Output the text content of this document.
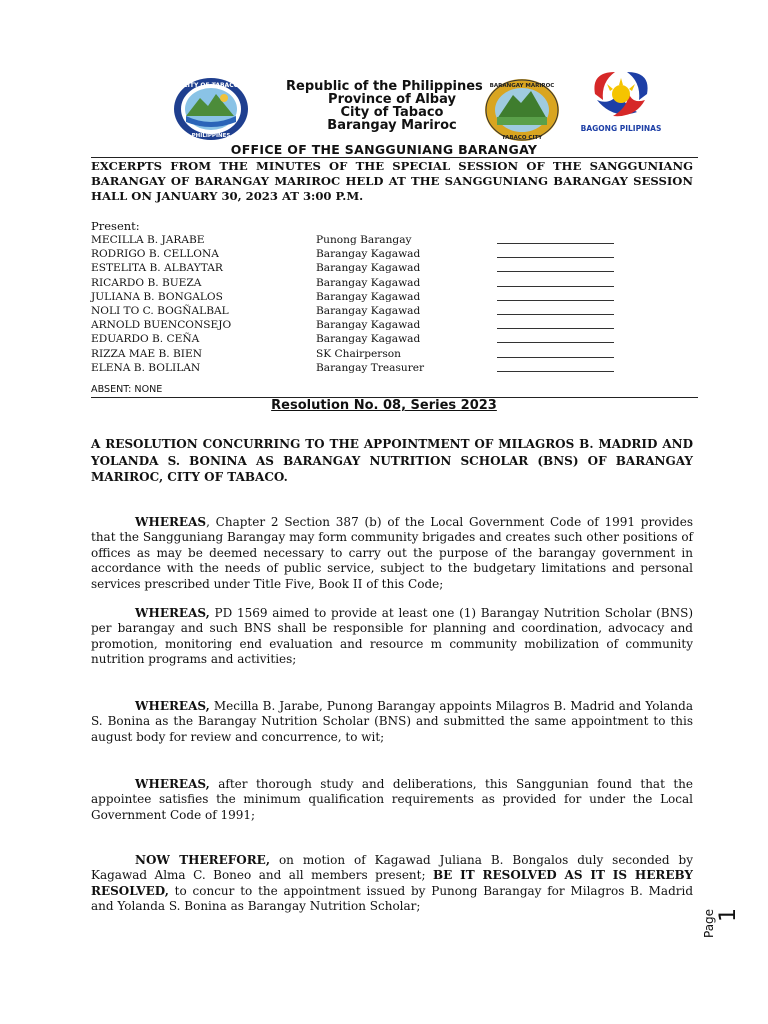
CITY OF TABACO
PHILIPPINES
Republic of the Philippines
Province of Albay
City of Tabaco
Barangay Mariroc
BARANGAY MARIROC
TABACO CITY
BAGONG PILIPINAS
OFFICE OF THE SANGGUNIANG BARANGAY

EXCERPTS FROM THE MINUTES OF THE SPECIAL SESSION OF THE SANGGUNIANG BARANGAY OF BARANGAY MARIROC HELD AT THE SANGGUNIANG BARANGAY SESSION HALL ON JANUARY 30, 2023 AT 3:00 P.M.

Present:
MECILLA B. JARABE	Punong Barangay
RODRIGO B. CELLONA	Barangay Kagawad
ESTELITA B. ALBAYTAR	Barangay Kagawad
RICARDO B. BUEZA	Barangay Kagawad
JULIANA B. BONGALOS	Barangay Kagawad
NOLI TO C. BOGÑALBAL	Barangay Kagawad
ARNOLD BUENCONSEJO	Barangay Kagawad
EDUARDO B. CEÑA	Barangay Kagawad
RIZZA MAE B. BIEN	SK Chairperson
ELENA B. BOLILAN	Barangay Treasurer
ABSENT: NONE
Resolution No. 08, Series 2023

A RESOLUTION CONCURRING TO THE APPOINTMENT OF MILAGROS B. MADRID AND YOLANDA S. BONINA AS BARANGAY NUTRITION SCHOLAR (BNS) OF BARANGAY MARIROC, CITY OF TABACO.

WHEREAS, Chapter 2 Section 387 (b) of the Local Government Code of 1991 provides that the Sangguniang Barangay may form community brigades and creates such other positions of offices as may be deemed necessary to carry out the purpose of the barangay government in accordance with the needs of public service, subject to the budgetary limitations and personal services prescribed under Title Five, Book II of this Code;

WHEREAS, PD 1569 aimed to provide at least one (1) Barangay Nutrition Scholar (BNS) per barangay and such BNS shall be responsible for planning and coordination, advocacy and promotion, monitoring end evaluation and resource m community mobilization of community nutrition programs and activities;

WHEREAS, Mecilla B. Jarabe, Punong Barangay appoints Milagros B. Madrid and Yolanda S. Bonina as the Barangay Nutrition Scholar (BNS) and submitted the same appointment to this august body for review and concurrence, to wit;

WHEREAS, after thorough study and deliberations, this Sanggunian found that the appointee satisfies the minimum qualification requirements as provided for under the Local Government Code of 1991;

NOW THEREFORE, on motion of Kagawad Juliana B. Bongalos duly seconded by Kagawad Alma C. Boneo and all members present; BE IT RESOLVED AS IT IS HEREBY RESOLVED, to concur to the appointment issued by Punong Barangay for Milagros B. Madrid and Yolanda S. Bonina as Barangay Nutrition Scholar;

Page 1
